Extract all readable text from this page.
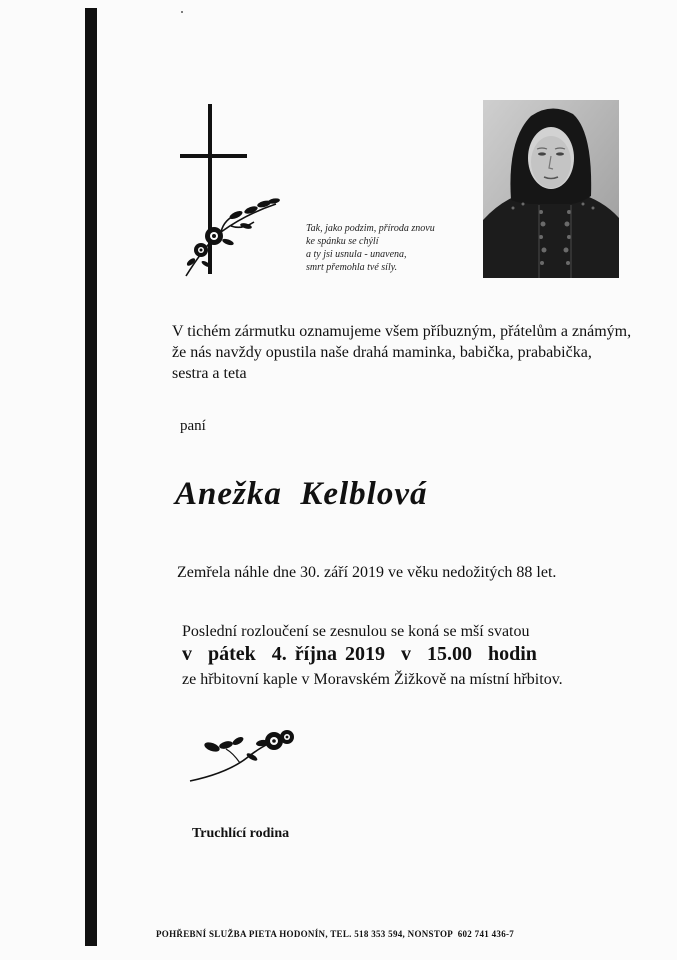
Tak, jako podzim, příroda znovu
ke spánku se chýlí
a ty jsi usnula - unavena,
smrt přemohla tvé síly.
V tichém zármutku oznamujeme všem příbuzným, přátelům a známým,
že nás navždy opustila naše drahá maminka, babička, prababička,
sestra a teta
paní
Anežka  Kelblová
Zemřela náhle dne 30. září 2019 ve věku nedožitých 88 let.
Poslední rozloučení se zesnulou se koná se mší svatou
v  pátek  4. října 2019  v  15.00  hodin
ze hřbitovní kaple v Moravském Žižkově na místní hřbitov.
Truchlící rodina
POHŘEBNÍ SLUŽBA PIETA HODONÍN, TEL. 518 353 594, NONSTOP  602 741 436-7
